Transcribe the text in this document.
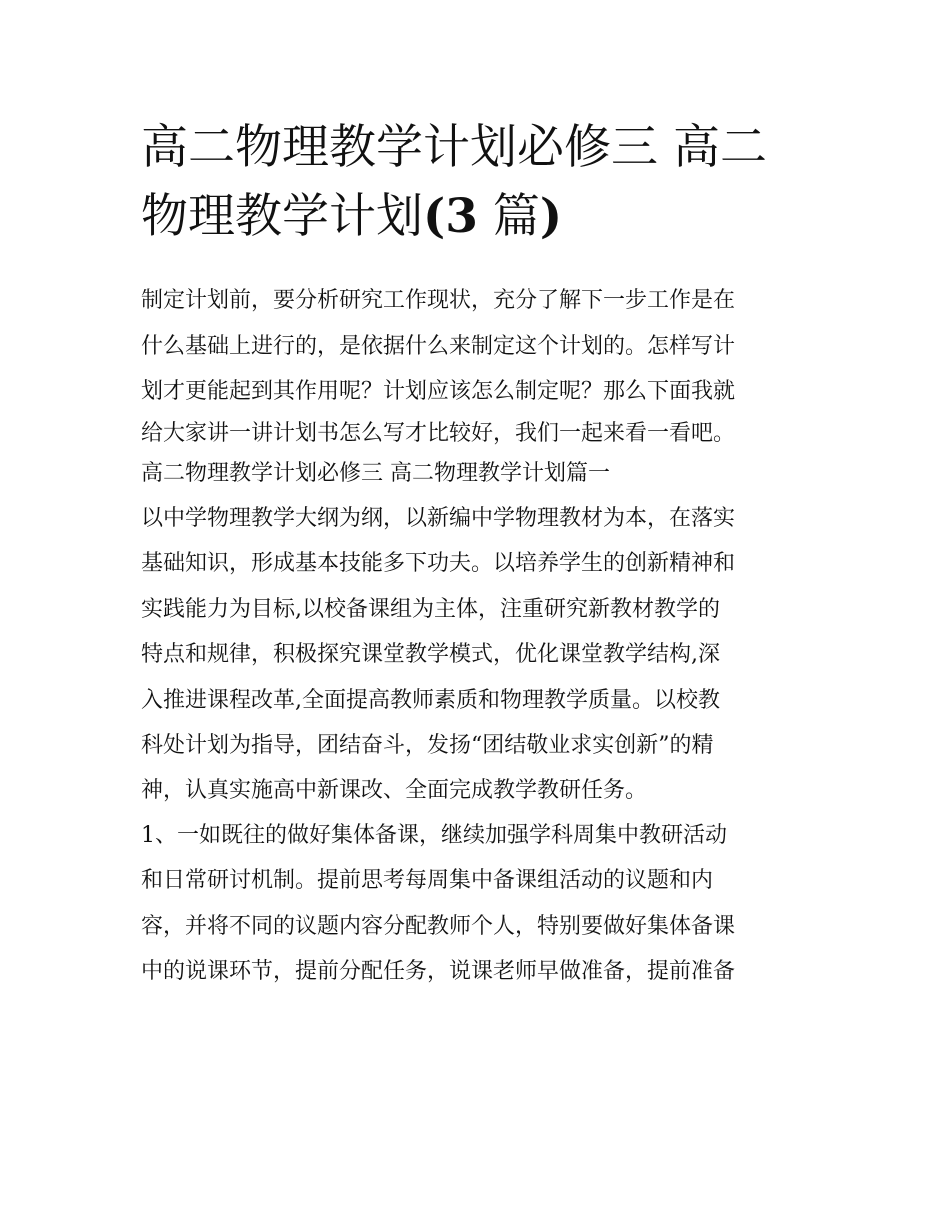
高二物理教学计划必修三 高二
物理教学计划(3 篇)
制定计划前，要分析研究工作现状，充分了解下一步工作是在
什么基础上进行的，是依据什么来制定这个计划的。怎样写计
划才更能起到其作用呢？计划应该怎么制定呢？那么下面我就
给大家讲一讲计划书怎么写才比较好，我们一起来看一看吧。
高二物理教学计划必修三 高二物理教学计划篇一
以中学物理教学大纲为纲，以新编中学物理教材为本，在落实
基础知识，形成基本技能多下功夫。以培养学生的创新精神和
实践能力为目标,以校备课组为主体，注重研究新教材教学的
特点和规律，积极探究课堂教学模式，优化课堂教学结构,深
入推进课程改革,全面提高教师素质和物理教学质量。以校教
科处计划为指导，团结奋斗，发扬“团结敬业求实创新”的精
神，认真实施高中新课改、全面完成教学教研任务。
1、一如既往的做好集体备课，继续加强学科周集中教研活动
和日常研讨机制。提前思考每周集中备课组活动的议题和内
容，并将不同的议题内容分配教师个人，特别要做好集体备课
中的说课环节，提前分配任务，说课老师早做准备，提前准备
